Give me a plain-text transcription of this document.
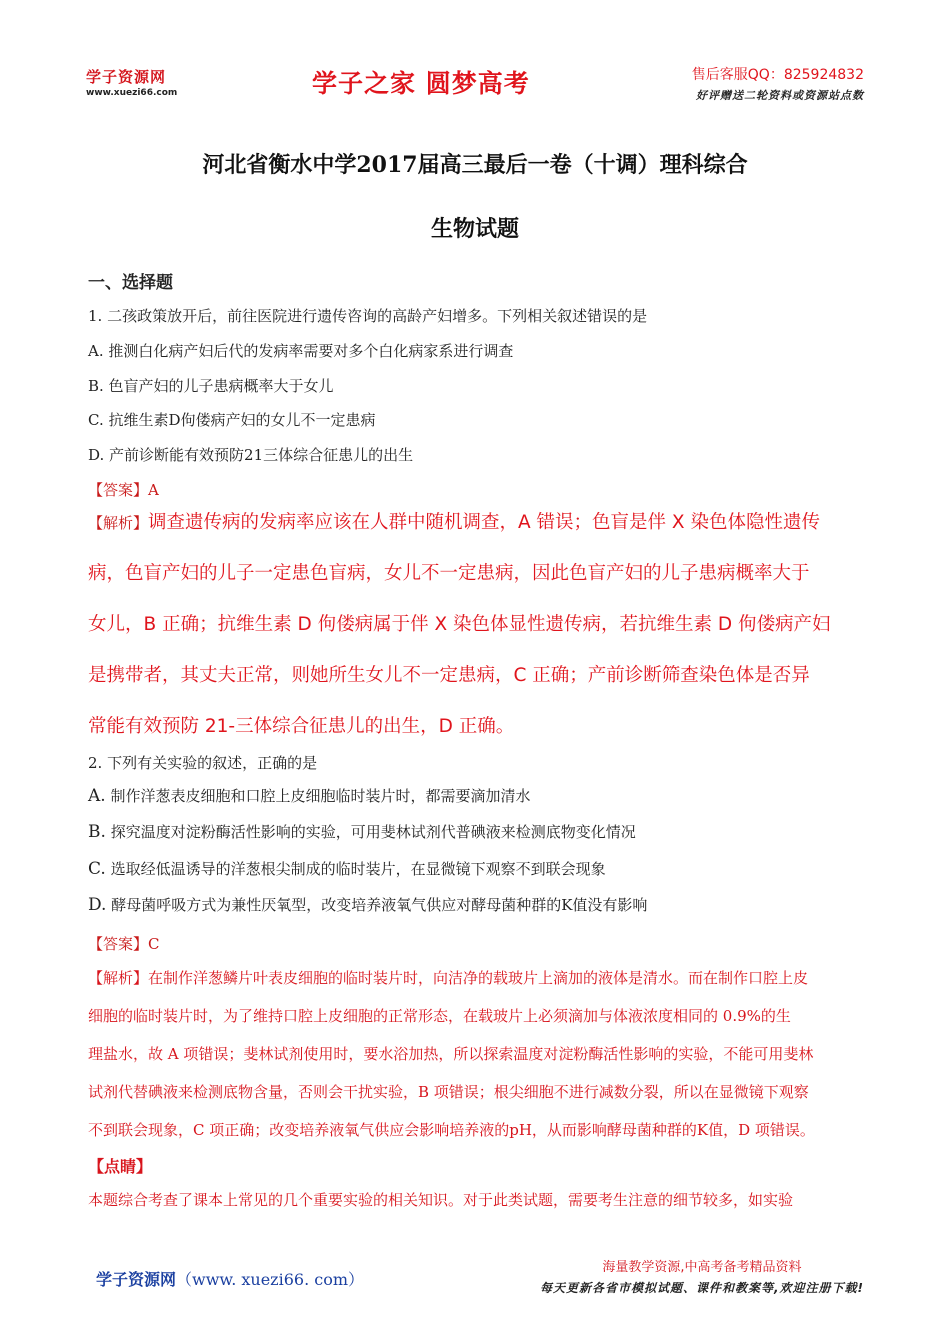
学子资源网
www.xuezi66.com	学子之家 圆梦高考	售后客服QQ：825924832
好评赠送二轮资料或资源站点数
河北省衡水中学2017届高三最后一卷（十调）理科综合
生物试题
一、选择题
1. 二孩政策放开后，前往医院进行遗传咨询的高龄产妇增多。下列相关叙述错误的是
A. 推测白化病产妇后代的发病率需要对多个白化病家系进行调查
B. 色盲产妇的儿子患病概率大于女儿
C. 抗维生素D佝偻病产妇的女儿不一定患病
D. 产前诊断能有效预防21三体综合征患儿的出生
【答案】A
【解析】调查遗传病的发病率应该在人群中随机调查，A 错误；色盲是伴 X 染色体隐性遗传
病，色盲产妇的儿子一定患色盲病，女儿不一定患病，因此色盲产妇的儿子患病概率大于
女儿，B 正确；抗维生素 D 佝偻病属于伴 X 染色体显性遗传病，若抗维生素 D 佝偻病产妇
是携带者，其丈夫正常，则她所生女儿不一定患病，C 正确；产前诊断筛查染色体是否异
常能有效预防 21-三体综合征患儿的出生，D 正确。
2. 下列有关实验的叙述，正确的是
A. 制作洋葱表皮细胞和口腔上皮细胞临时装片时，都需要滴加清水
B. 探究温度对淀粉酶活性影响的实验，可用斐林试剂代普碘液来检测底物变化情况
C. 选取经低温诱导的洋葱根尖制成的临时装片，在显微镜下观察不到联会现象
D. 酵母菌呼吸方式为兼性厌氧型，改变培养液氧气供应对酵母菌种群的K值没有影响
【答案】C
【解析】在制作洋葱鳞片叶表皮细胞的临时装片时，向洁净的载玻片上滴加的液体是清水。而在制作口腔上皮
细胞的临时装片时，为了维持口腔上皮细胞的正常形态，在载玻片上必须滴加与体液浓度相同的 0.9%的生
理盐水，故 A 项错误；斐林试剂使用时，要水浴加热，所以探索温度对淀粉酶活性影响的实验，不能可用斐林
试剂代替碘液来检测底物含量，否则会干扰实验，B 项错误；根尖细胞不进行减数分裂，所以在显微镜下观察
不到联会现象，C 项正确；改变培养液氧气供应会影响培养液的pH，从而影响酵母菌种群的K值，D 项错误。
【点睛】
本题综合考查了课本上常见的几个重要实验的相关知识。对于此类试题，需要考生注意的细节较多，如实验
学子资源网（www. xuezi66. com）
海量教学资源,中高考备考精品资料
每天更新各省市模拟试题、课件和教案等,欢迎注册下载!
